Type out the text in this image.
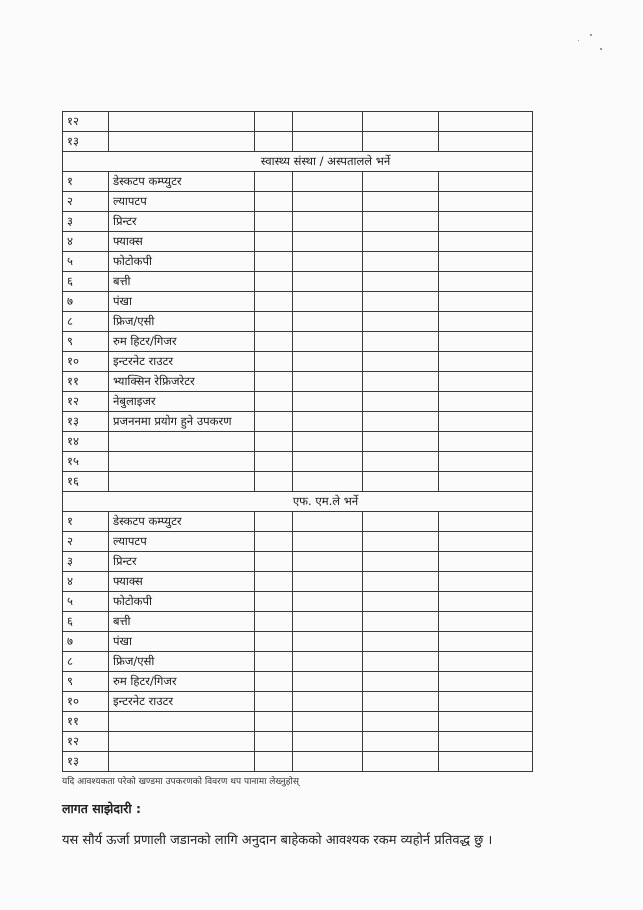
१२					
१३					
स्वास्थ्य संस्था / अस्पतालले भर्ने					
१	डेस्कटप कम्प्युटर				
२	ल्यापटप				
३	प्रिन्टर				
४	फ्याक्स				
५	फोटोकपी				
६	बत्ती				
७	पंखा				
८	फ्रिज/एसी				
९	रुम हिटर/गिजर				
१०	इन्टरनेट राउटर				
११	भ्याक्सिन रेफ्रिजरेटर				
१२	नेबुलाइजर				
१३	प्रजननमा प्रयोग हुने उपकरण				
१४					
१५					
१६					
एफ. एम.ले भर्ने					
१	डेस्कटप कम्प्युटर				
२	ल्यापटप				
३	प्रिन्टर				
४	फ्याक्स				
५	फोटोकपी				
६	बत्ती				
७	पंखा				
८	फ्रिज/एसी				
९	रुम हिटर/गिजर				
१०	इन्टरनेट राउटर				
११					
१२					
१३					
यदि आवश्यकता परेको खण्डमा उपकरणको विवरण थप पानामा लेख्नुहोस्
लागत साझेदारी :
यस सौर्य ऊर्जा प्रणाली जडानको लागि अनुदान बाहेकको आवश्यक रकम व्यहोर्न प्रतिवद्ध छु ।
